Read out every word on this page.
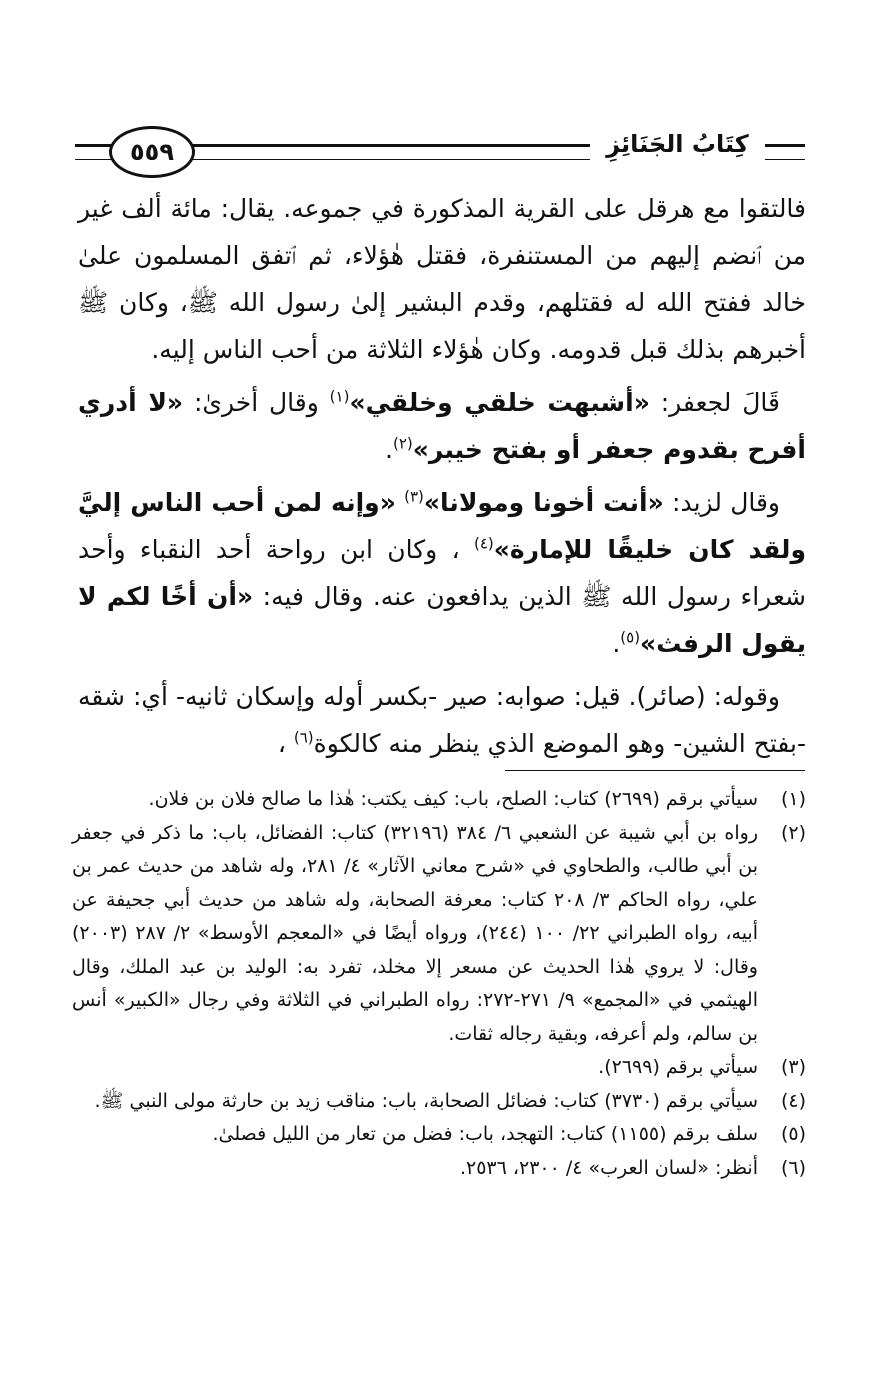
٥٥٩	كِتَابُ الجَنَائِزِ

فالتقوا مع هرقل على القرية المذكورة في جموعه. يقال: مائة ألف غير من ٱنضم إليهم من المستنفرة، فقتل هٰؤلاء، ثم ٱتفق المسلمون علىٰ خالد ففتح الله له فقتلهم، وقدم البشير إلىٰ رسول الله ﷺ، وكان ﷺ أخبرهم بذلك قبل قدومه. وكان هٰؤلاء الثلاثة من أحب الناس إليه.

قَالَ لجعفر: «أشبهت خلقي وخلقي»$^{(١)}$ وقال أخرىٰ: «لا أدري أفرح بقدوم جعفر أو بفتح خيبر»$^{(٢)}$.

وقال لزيد: «أنت أخونا ومولانا»$^{(٣)}$ «وإنه لمن أحب الناس إليَّ ولقد كان خليقًا للإمارة»$^{(٤)}$ ، وكان ابن رواحة أحد النقباء وأحد شعراء رسول الله ﷺ الذين يدافعون عنه. وقال فيه: «أن أخًا لكم لا يقول الرفث»$^{(٥)}$.

وقوله: (صائر). قيل: صوابه: صير -بكسر أوله وإسكان ثانيه- أي: شقه -بفتح الشين- وهو الموضع الذي ينظر منه كالكوة$^{(٦)}$ ،

(١)
سيأتي برقم (٢٦٩٩) كتاب: الصلح، باب: كيف يكتب: هٰذا ما صالح فلان بن فلان.
(٢)
رواه بن أبي شيبة عن الشعبي ٦/ ٣٨٤ (٣٢١٩٦) كتاب: الفضائل، باب: ما ذكر في جعفر بن أبي طالب، والطحاوي في «شرح معاني الآثار» ٤/ ٢٨١، وله شاهد من حديث عمر بن علي، رواه الحاكم ٣/ ٢٠٨ كتاب: معرفة الصحابة، وله شاهد من حديث أبي جحيفة عن أبيه، رواه الطبراني ٢٢/ ١٠٠ (٢٤٤)، ورواه أيضًا في «المعجم الأوسط» ٢/ ٢٨٧ (٢٠٠٣) وقال: لا يروي هٰذا الحديث عن مسعر إلا مخلد، تفرد به: الوليد بن عبد الملك، وقال الهيثمي في «المجمع» ٩/ ٢٧١-٢٧٢: رواه الطبراني في الثلاثة وفي رجال «الكبير» أنس بن سالم، ولم أعرفه، وبقية رجاله ثقات.
(٣)
سيأتي برقم (٢٦٩٩).
(٤)
سيأتي برقم (٣٧٣٠) كتاب: فضائل الصحابة، باب: مناقب زيد بن حارثة مولى النبي ﷺ.
(٥)
سلف برقم (١١٥٥) كتاب: التهجد، باب: فضل من تعار من الليل فصلىٰ.
(٦)
أنظر: «لسان العرب» ٤/ ٢٣٠٠، ٢٥٣٦.
